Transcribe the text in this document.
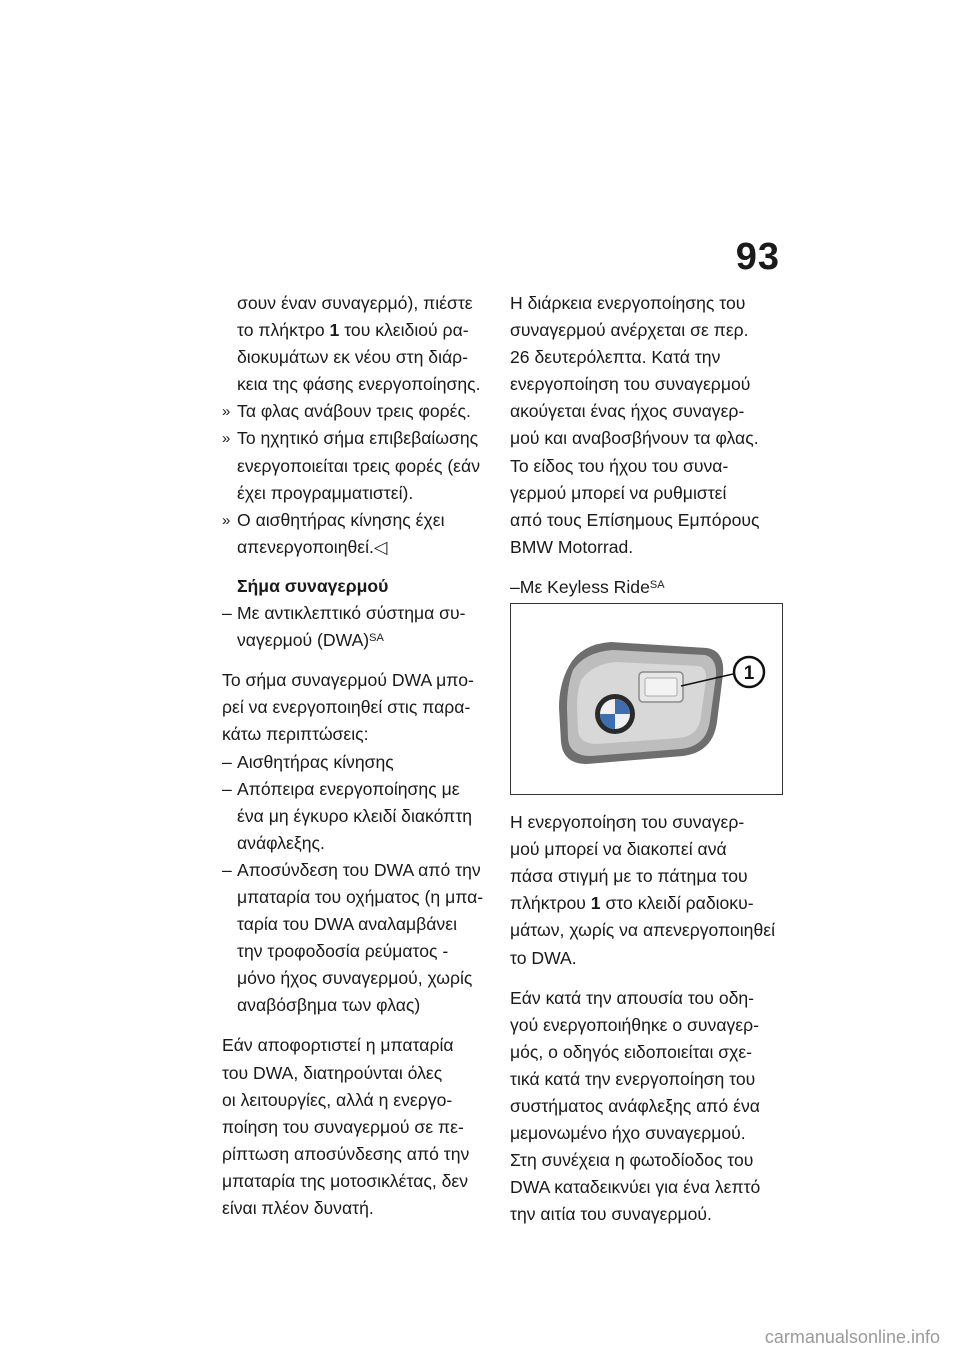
93
σουν έναν συναγερμό), πιέστε
το πλήκτρο 1 του κλειδιού ρα-
διοκυμάτων εκ νέου στη διάρ-
κεια της φάσης ενεργοποίησης.
» Τα φλας ανάβουν τρεις φορές.
» Το ηχητικό σήμα επιβεβαίωσης
ενεργοποιείται τρεις φορές (εάν
έχει προγραμματιστεί).
» Ο αισθητήρας κίνησης έχει
απενεργοποιηθεί.◁
Σήμα συναγερμού
– Με αντικλεπτικό σύστημα συ-
ναγερμού (DWA)$^{SA}$
Το σήμα συναγερμού DWA μπο-
ρεί να ενεργοποιηθεί στις παρα-
κάτω περιπτώσεις:
– Αισθητήρας κίνησης
– Απόπειρα ενεργοποίησης με
ένα μη έγκυρο κλειδί διακόπτη
ανάφλεξης.
– Αποσύνδεση του DWA από την
μπαταρία του οχήματος (η μπα-
ταρία του DWA αναλαμβάνει
την τροφοδοσία ρεύματος -
μόνο ήχος συναγερμού, χωρίς
αναβόσβημα των φλας)
Εάν αποφορτιστεί η μπαταρία
του DWA, διατηρούνται όλες
οι λειτουργίες, αλλά η ενεργο-
ποίηση του συναγερμού σε πε-
ρίπτωση αποσύνδεσης από την
μπαταρία της μοτοσικλέτας, δεν
είναι πλέον δυνατή.
Η διάρκεια ενεργοποίησης του
συναγερμού ανέρχεται σε περ.
26 δευτερόλεπτα. Κατά την
ενεργοποίηση του συναγερμού
ακούγεται ένας ήχος συναγερ-
μού και αναβοσβήνουν τα φλας.
Το είδος του ήχου του συνα-
γερμού μπορεί να ρυθμιστεί
από τους Επίσημους Εμπόρους
BMW Motorrad.
–Με Keyless Ride$^{SA}$
1
Η ενεργοποίηση του συναγερ-
μού μπορεί να διακοπεί ανά
πάσα στιγμή με το πάτημα του
πλήκτρου 1 στο κλειδί ραδιοκυ-
μάτων, χωρίς να απενεργοποιηθεί
το DWA.
Εάν κατά την απουσία του οδη-
γού ενεργοποιήθηκε ο συναγερ-
μός, ο οδηγός ειδοποιείται σχε-
τικά κατά την ενεργοποίηση του
συστήματος ανάφλεξης από ένα
μεμονωμένο ήχο συναγερμού.
Στη συνέχεια η φωτοδίοδος του
DWA καταδεικνύει για ένα λεπτό
την αιτία του συναγερμού.
carmanualsonline.info
